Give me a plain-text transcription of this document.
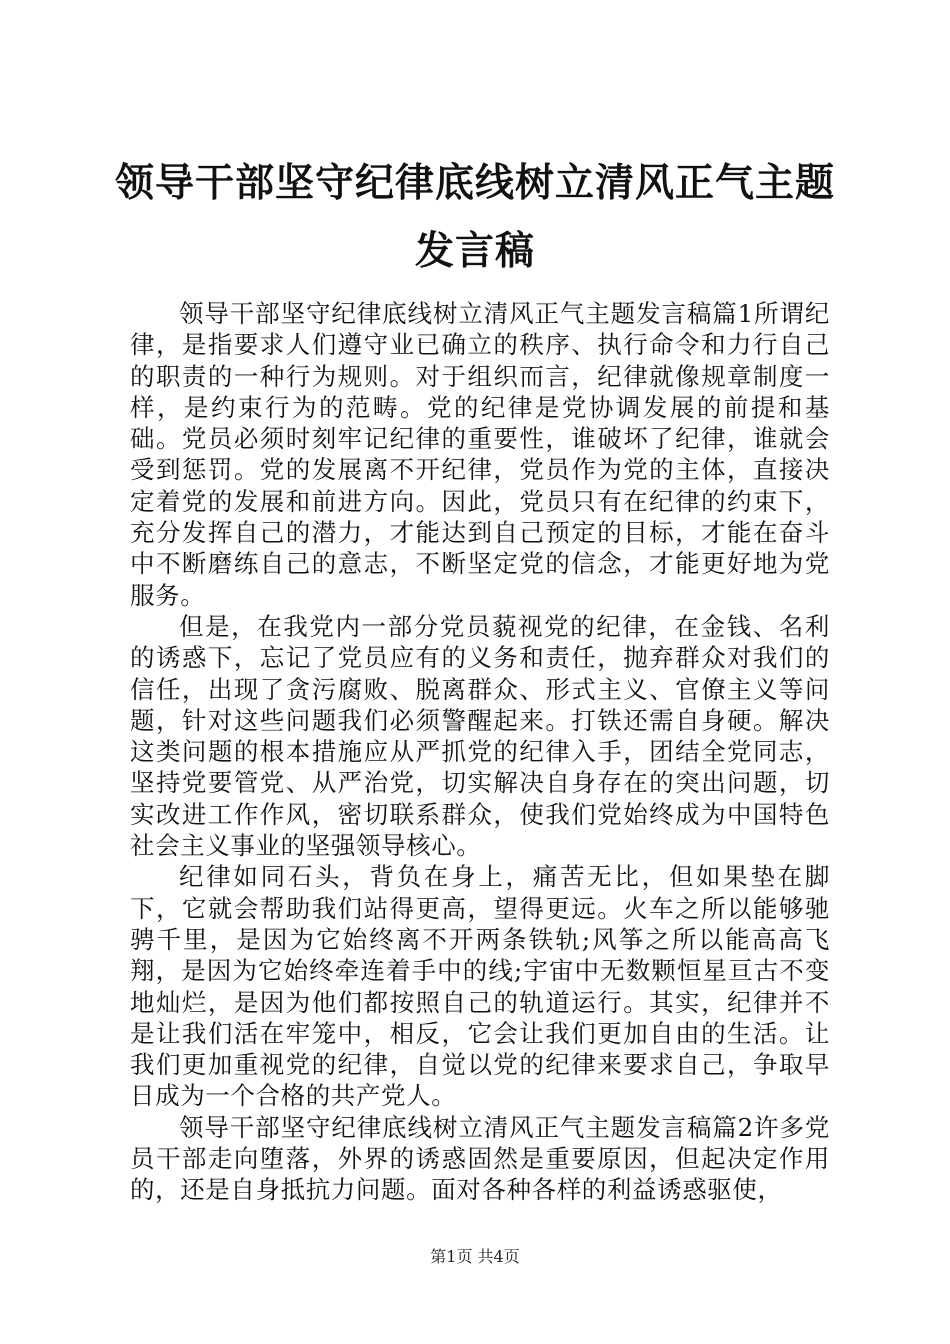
领导干部坚守纪律底线树立清风正气主题发言稿

领导干部坚守纪律底线树立清风正气主题发言稿篇1所谓纪律，是指要求人们遵守业已确立的秩序、执行命令和力行自己的职责的一种行为规则。对于组织而言，纪律就像规章制度一样，是约束行为的范畴。党的纪律是党协调发展的前提和基础。党员必须时刻牢记纪律的重要性，谁破坏了纪律，谁就会受到惩罚。党的发展离不开纪律，党员作为党的主体，直接决定着党的发展和前进方向。因此，党员只有在纪律的约束下，充分发挥自己的潜力，才能达到自己预定的目标，才能在奋斗中不断磨练自己的意志，不断坚定党的信念，才能更好地为党服务。

但是，在我党内一部分党员藐视党的纪律，在金钱、名利的诱惑下，忘记了党员应有的义务和责任，抛弃群众对我们的信任，出现了贪污腐败、脱离群众、形式主义、官僚主义等问题，针对这些问题我们必须警醒起来。打铁还需自身硬。解决这类问题的根本措施应从严抓党的纪律入手，团结全党同志，坚持党要管党、从严治党，切实解决自身存在的突出问题，切实改进工作作风，密切联系群众，使我们党始终成为中国特色社会主义事业的坚强领导核心。

纪律如同石头，背负在身上，痛苦无比，但如果垫在脚下，它就会帮助我们站得更高，望得更远。火车之所以能够驰骋千里，是因为它始终离不开两条铁轨;风筝之所以能高高飞翔，是因为它始终牵连着手中的线;宇宙中无数颗恒星亘古不变地灿烂，是因为他们都按照自己的轨道运行。其实，纪律并不是让我们活在牢笼中，相反，它会让我们更加自由的生活。让我们更加重视党的纪律，自觉以党的纪律来要求自己，争取早日成为一个合格的共产党人。

领导干部坚守纪律底线树立清风正气主题发言稿篇2许多党员干部走向堕落，外界的诱惑固然是重要原因，但起决定作用的，还是自身抵抗力问题。面对各种各样的利益诱惑驱使，

第1页 共4页
